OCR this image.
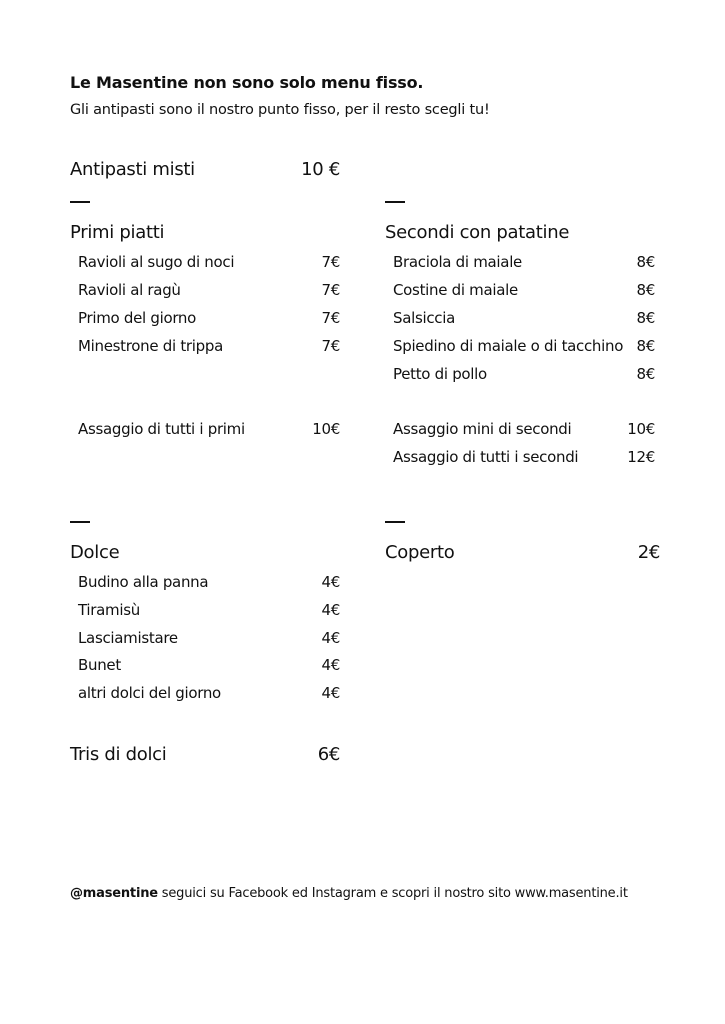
Le Masentine non sono solo menu fisso.
Gli antipasti sono il nostro punto fisso, per il resto scegli tu!
Antipasti misti	10 €
Primi piatti
Ravioli al sugo di noci	7€
Ravioli al ragù	7€
Primo del giorno	7€
Minestrone di trippa	7€
Assaggio di tutti i primi	10€
Secondi con patatine
Braciola di maiale	8€
Costine di maiale	8€
Salsiccia	8€
Spiedino di maiale o di tacchino 8€
Petto di pollo	8€
Assaggio mini di secondi	10€
Assaggio di tutti i secondi	12€
Dolce
Budino alla panna	4€
Tiramisù	4€
Lasciamistare	4€
Bunet	4€
altri dolci del giorno	4€
Tris di dolci	6€
Coperto	2€
@masentine seguici su Facebook ed Instagram e scopri il nostro sito www.masentine.it
